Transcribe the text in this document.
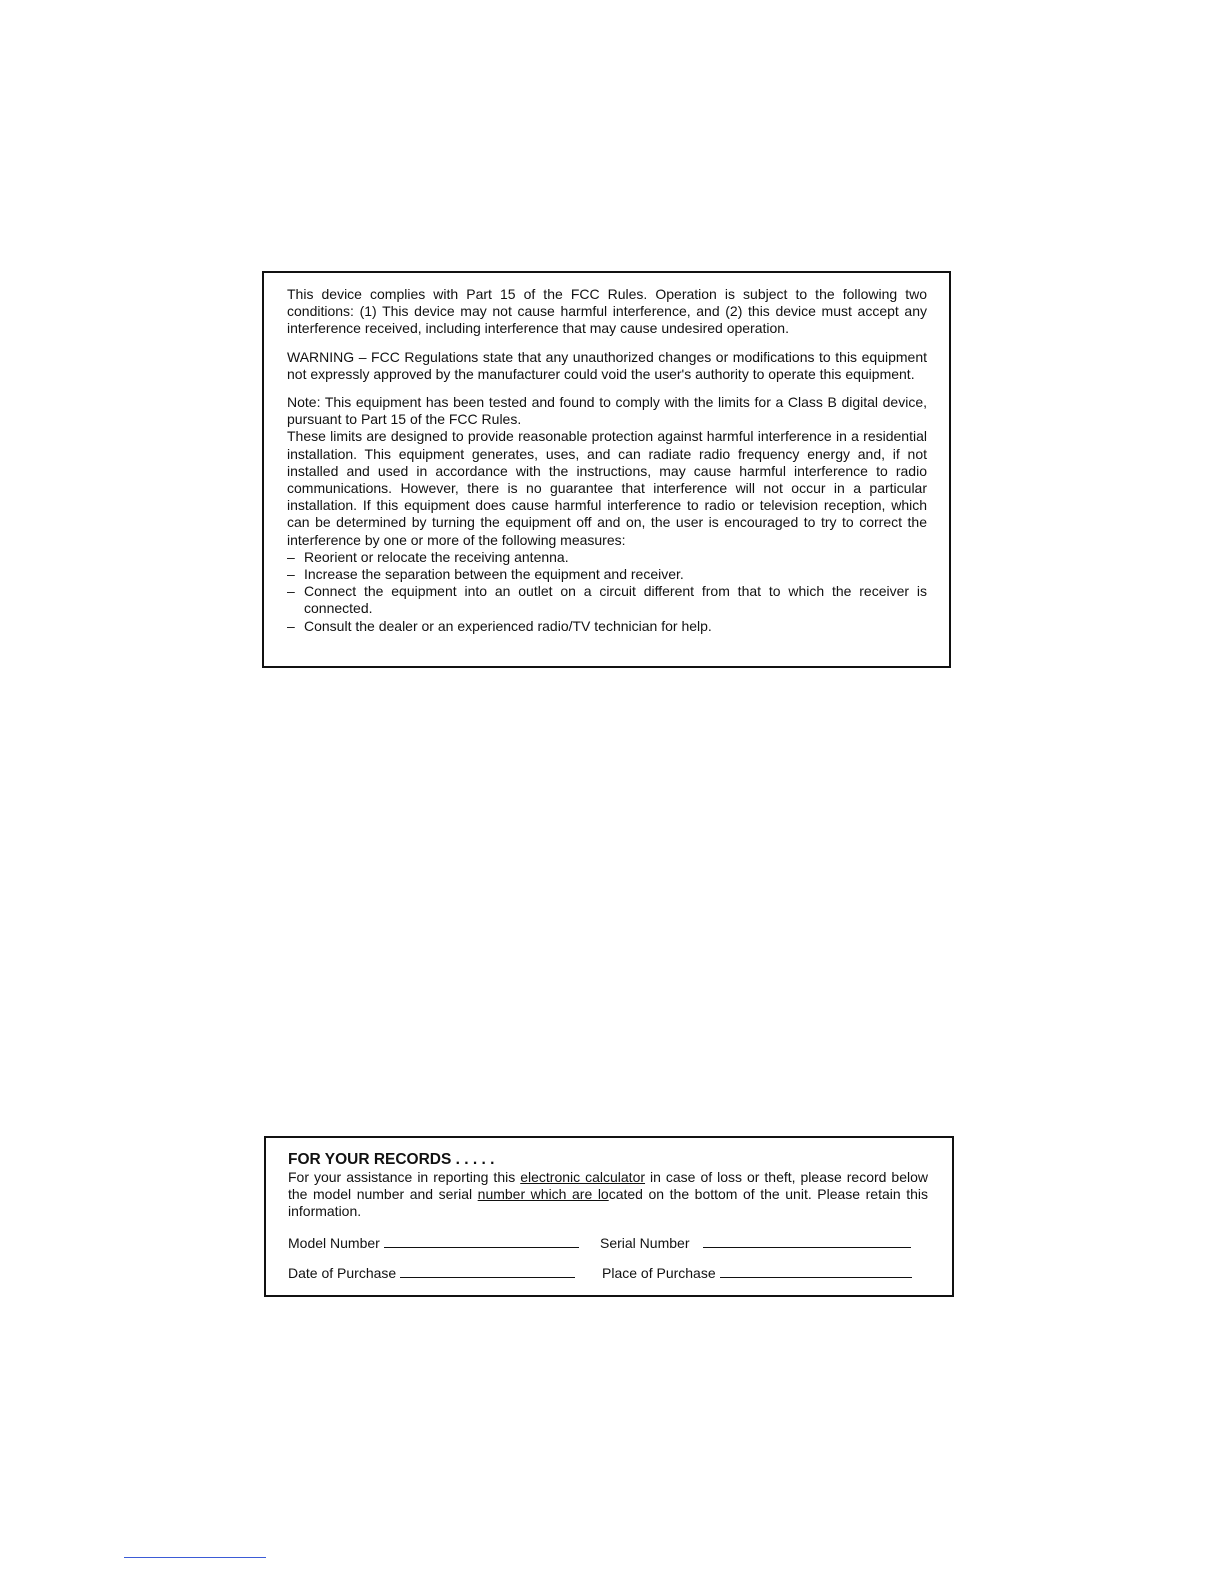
This device complies with Part 15 of the FCC Rules. Operation is subject to the following two conditions: (1) This device may not cause harmful interference, and (2) this device must accept any interference received, including interference that may cause undesired operation.

WARNING – FCC Regulations state that any unauthorized changes or modifications to this equipment not expressly approved by the manufacturer could void the user's authority to operate this equipment.

Note: This equipment has been tested and found to comply with the limits for a Class B digital device, pursuant to Part 15 of the FCC Rules.

These limits are designed to provide reasonable protection against harmful interference in a residential installation. This equipment generates, uses, and can radiate radio frequency energy and, if not installed and used in accordance with the instructions, may cause harmful interference to radio communications. However, there is no guarantee that interference will not occur in a particular installation. If this equipment does cause harmful interference to radio or television reception, which can be determined by turning the equipment off and on, the user is encouraged to try to correct the interference by one or more of the following measures:

– Reorient or relocate the receiving antenna.
– Increase the separation between the equipment and receiver.
– Connect the equipment into an outlet on a circuit different from that to which the receiver is connected.
– Consult the dealer or an experienced radio/TV technician for help.

FOR YOUR RECORDS . . . . .

For your assistance in reporting this electronic calculator in case of loss or theft, please record below the model number and serial number which are located on the bottom of the unit. Please retain this information.

Model Number	Serial Number
Date of Purchase	Place of Purchase
